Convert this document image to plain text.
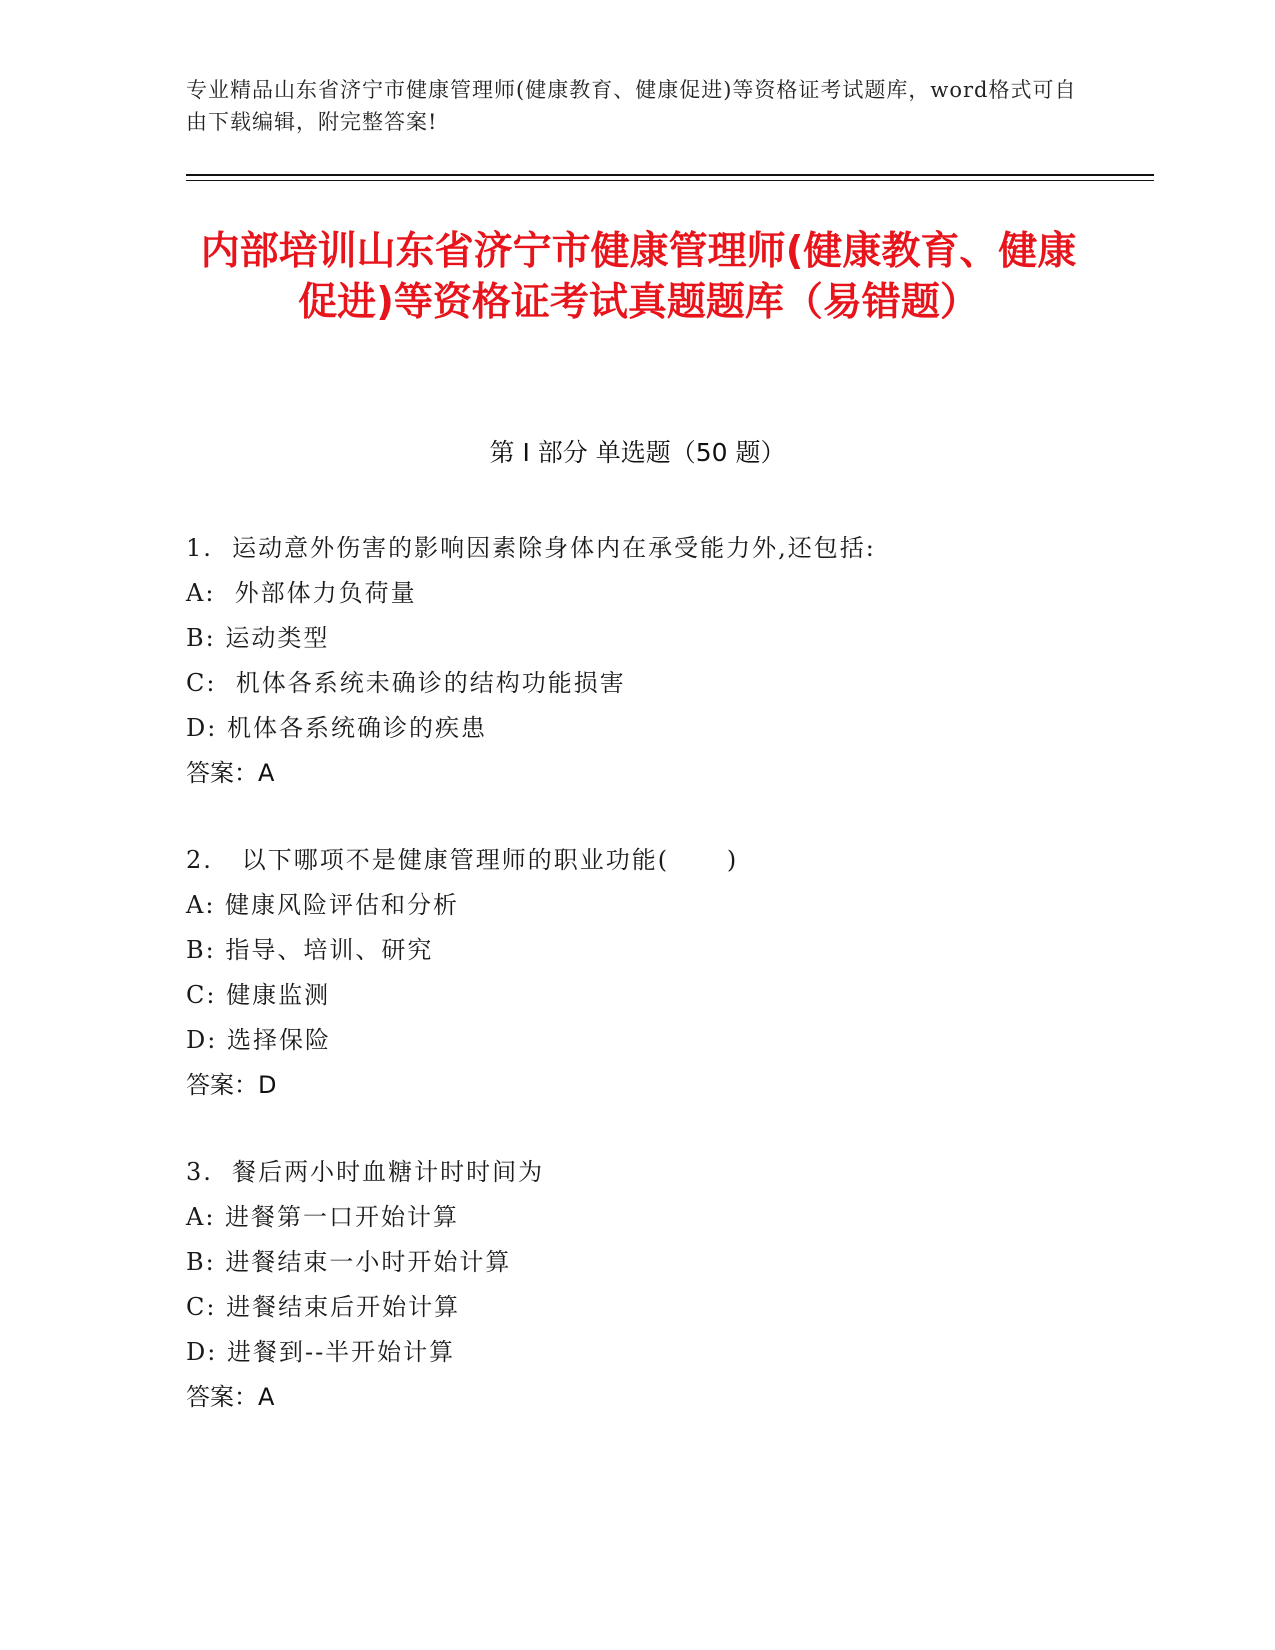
专业精品山东省济宁市健康管理师(健康教育、健康促进)等资格证考试题库，word格式可自由下载编辑，附完整答案!
内部培训山东省济宁市健康管理师(健康教育、健康促进)等资格证考试真题题库（易错题）
第 I 部分 单选题（50 题）
1.  运动意外伤害的影响因素除身体内在承受能力外,还包括:
A:  外部体力负荷量
B: 运动类型
C:  机体各系统未确诊的结构功能损害
D: 机体各系统确诊的疾患
答案：A
2.   以下哪项不是健康管理师的职业功能(      )
A: 健康风险评估和分析
B: 指导、培训、研究
C: 健康监测
D: 选择保险
答案：D
3.  餐后两小时血糖计时时间为
A: 进餐第一口开始计算
B: 进餐结束一小时开始计算
C: 进餐结束后开始计算
D: 进餐到--半开始计算
答案：A
